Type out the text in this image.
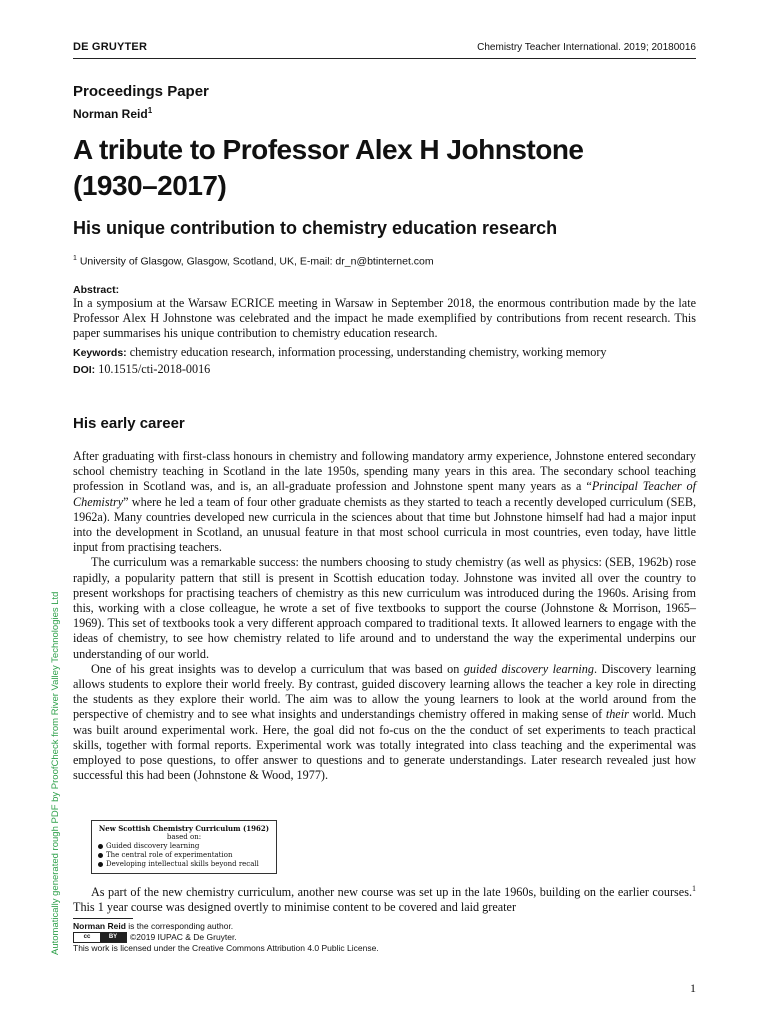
DE GRUYTER	Chemistry Teacher International. 2019; 20180016
Proceedings Paper
Norman Reid$^1$
A tribute to Professor Alex H Johnstone
(1930–2017)
His unique contribution to chemistry education research
$^1$ University of Glasgow, Glasgow, Scotland, UK, E-mail: dr_n@btinternet.com
Abstract:
In a symposium at the Warsaw ECRICE meeting in Warsaw in September 2018, the enormous contribution made by the late Professor Alex H Johnstone was celebrated and the impact he made exemplified by contributions from recent research. This paper summarises his unique contribution to chemistry education research.
Keywords: chemistry education research, information processing, understanding chemistry, working memory
DOI: 10.1515/cti-2018-0016
His early career

After graduating with first-class honours in chemistry and following mandatory army experience, Johnstone entered secondary school chemistry teaching in Scotland in the late 1950s, spending many years in this area. The secondary school teaching profession in Scotland was, and is, an all-graduate profession and Johnstone spent many years as a “Principal Teacher of Chemistry” where he led a team of four other graduate chemists as they started to teach a recently developed curriculum (SEB, 1962a). Many countries developed new curricula in the sciences about that time but Johnstone himself had had a major input into the development in Scotland, an unusual feature in that most school curricula in most countries, even today, have little input from practising teachers.

The curriculum was a remarkable success: the numbers choosing to study chemistry (as well as physics: (SEB, 1962b) rose rapidly, a popularity pattern that still is present in Scottish education today. Johnstone was invited all over the country to present workshops for practising teachers of chemistry as this new curriculum was introduced during the 1960s. Arising from this, working with a close colleague, he wrote a set of five textbooks to support the course (Johnstone & Morrison, 1965–1969). This set of textbooks took a very different approach compared to traditional texts. It allowed learners to engage with the ideas of chemistry, to see how chemistry related to life around and to understand the way the experimental underpins our understanding of our world.

One of his great insights was to develop a curriculum that was based on guided discovery learning. Discovery learning allows students to explore their world freely. By contrast, guided discovery learning allows the teacher a key role in directing the students as they explore their world. The aim was to allow the young learners to look at the world around from the perspective of chemistry and to see what insights and understandings chemistry offered in making sense of their world. Much was built around experimental work. Here, the goal did not fo-cus on the the conduct of set experiments to teach practical skills, together with formal reports. Experimental work was totally integrated into class teaching and the experimental was employed to pose questions, to offer answer to questions and to generate understandings. Later research revealed just how successful this had been (Johnstone & Wood, 1977).

New Scottish Chemistry Curriculum (1962)
based on:
Guided discovery learning
The central role of experimentation
Developing intellectual skills beyond recall

As part of the new chemistry curriculum, another new course was set up in the late 1960s, building on the earlier courses.$^1$ This 1 year course was designed overtly to minimise content to be covered and laid greater

Norman Reid is the corresponding author.
cc	BY	©2019 IUPAC & De Gruyter.
This work is licensed under the Creative Commons Attribution 4.0 Public License.
Automatically generated rough PDF by ProofCheck from River Valley Technologies Ltd
1
